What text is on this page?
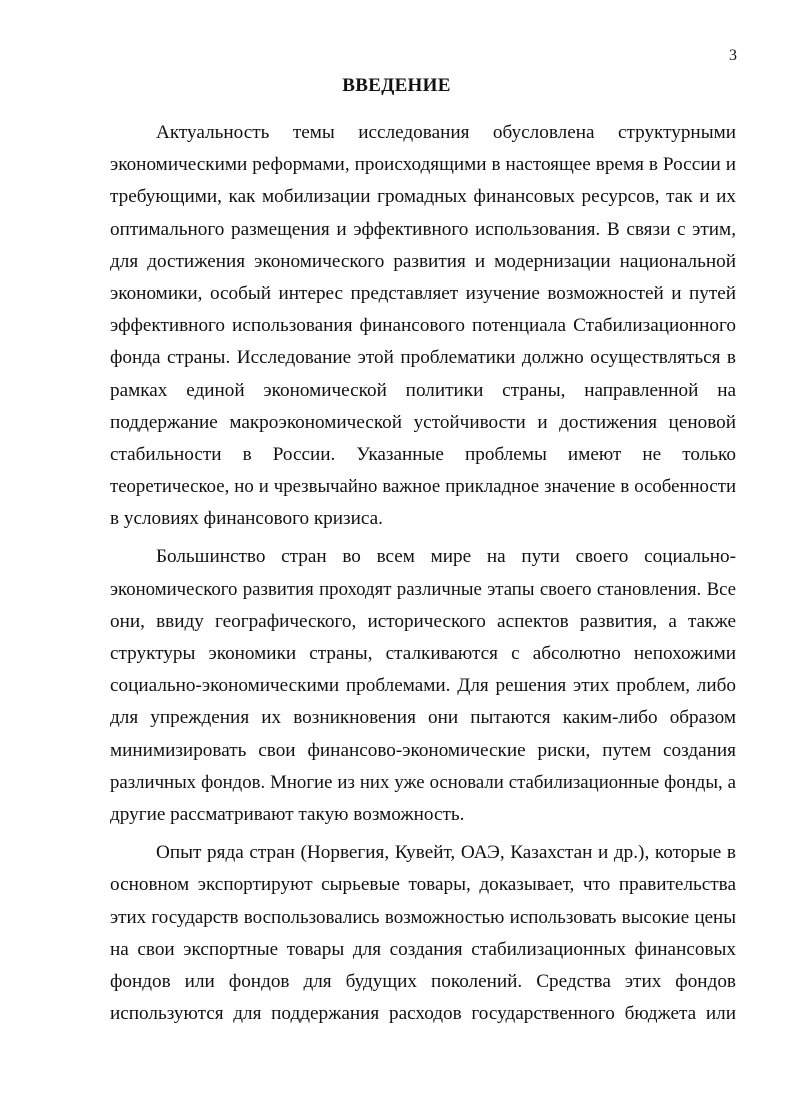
3
ВВЕДЕНИЕ
Актуальность темы исследования обусловлена структурными
экономическими реформами, происходящими в настоящее время в России и
требующими, как мобилизации громадных финансовых ресурсов, так и их
оптимального размещения и эффективного использования. В связи с этим,
для достижения экономического развития и модернизации национальной
экономики, особый интерес представляет изучение возможностей и путей
эффективного использования финансового потенциала Стабилизационного
фонда страны. Исследование этой проблематики должно осуществляться в
рамках единой экономической политики страны, направленной на
поддержание макроэкономической устойчивости и достижения ценовой
стабильности в России. Указанные проблемы имеют не только
теоретическое, но и чрезвычайно важное прикладное значение в особенности
в условиях финансового кризиса.
Большинство стран во всем мире на пути своего социально-
экономического развития проходят различные этапы своего становления. Все
они, ввиду географического, исторического аспектов развития, а также
структуры экономики страны, сталкиваются с абсолютно непохожими
социально-экономическими проблемами. Для решения этих проблем, либо
для упреждения их возникновения они пытаются каким-либо образом
минимизировать свои финансово-экономические риски, путем создания
различных фондов. Многие из них уже основали стабилизационные фонды, а
другие рассматривают такую возможность.
Опыт ряда стран (Норвегия, Кувейт, ОАЭ, Казахстан и др.), которые в
основном экспортируют сырьевые товары, доказывает, что правительства
этих государств воспользовались возможностью использовать высокие цены
на свои экспортные товары для создания стабилизационных финансовых
фондов или фондов для будущих поколений. Средства этих фондов
используются для поддержания расходов государственного бюджета или
